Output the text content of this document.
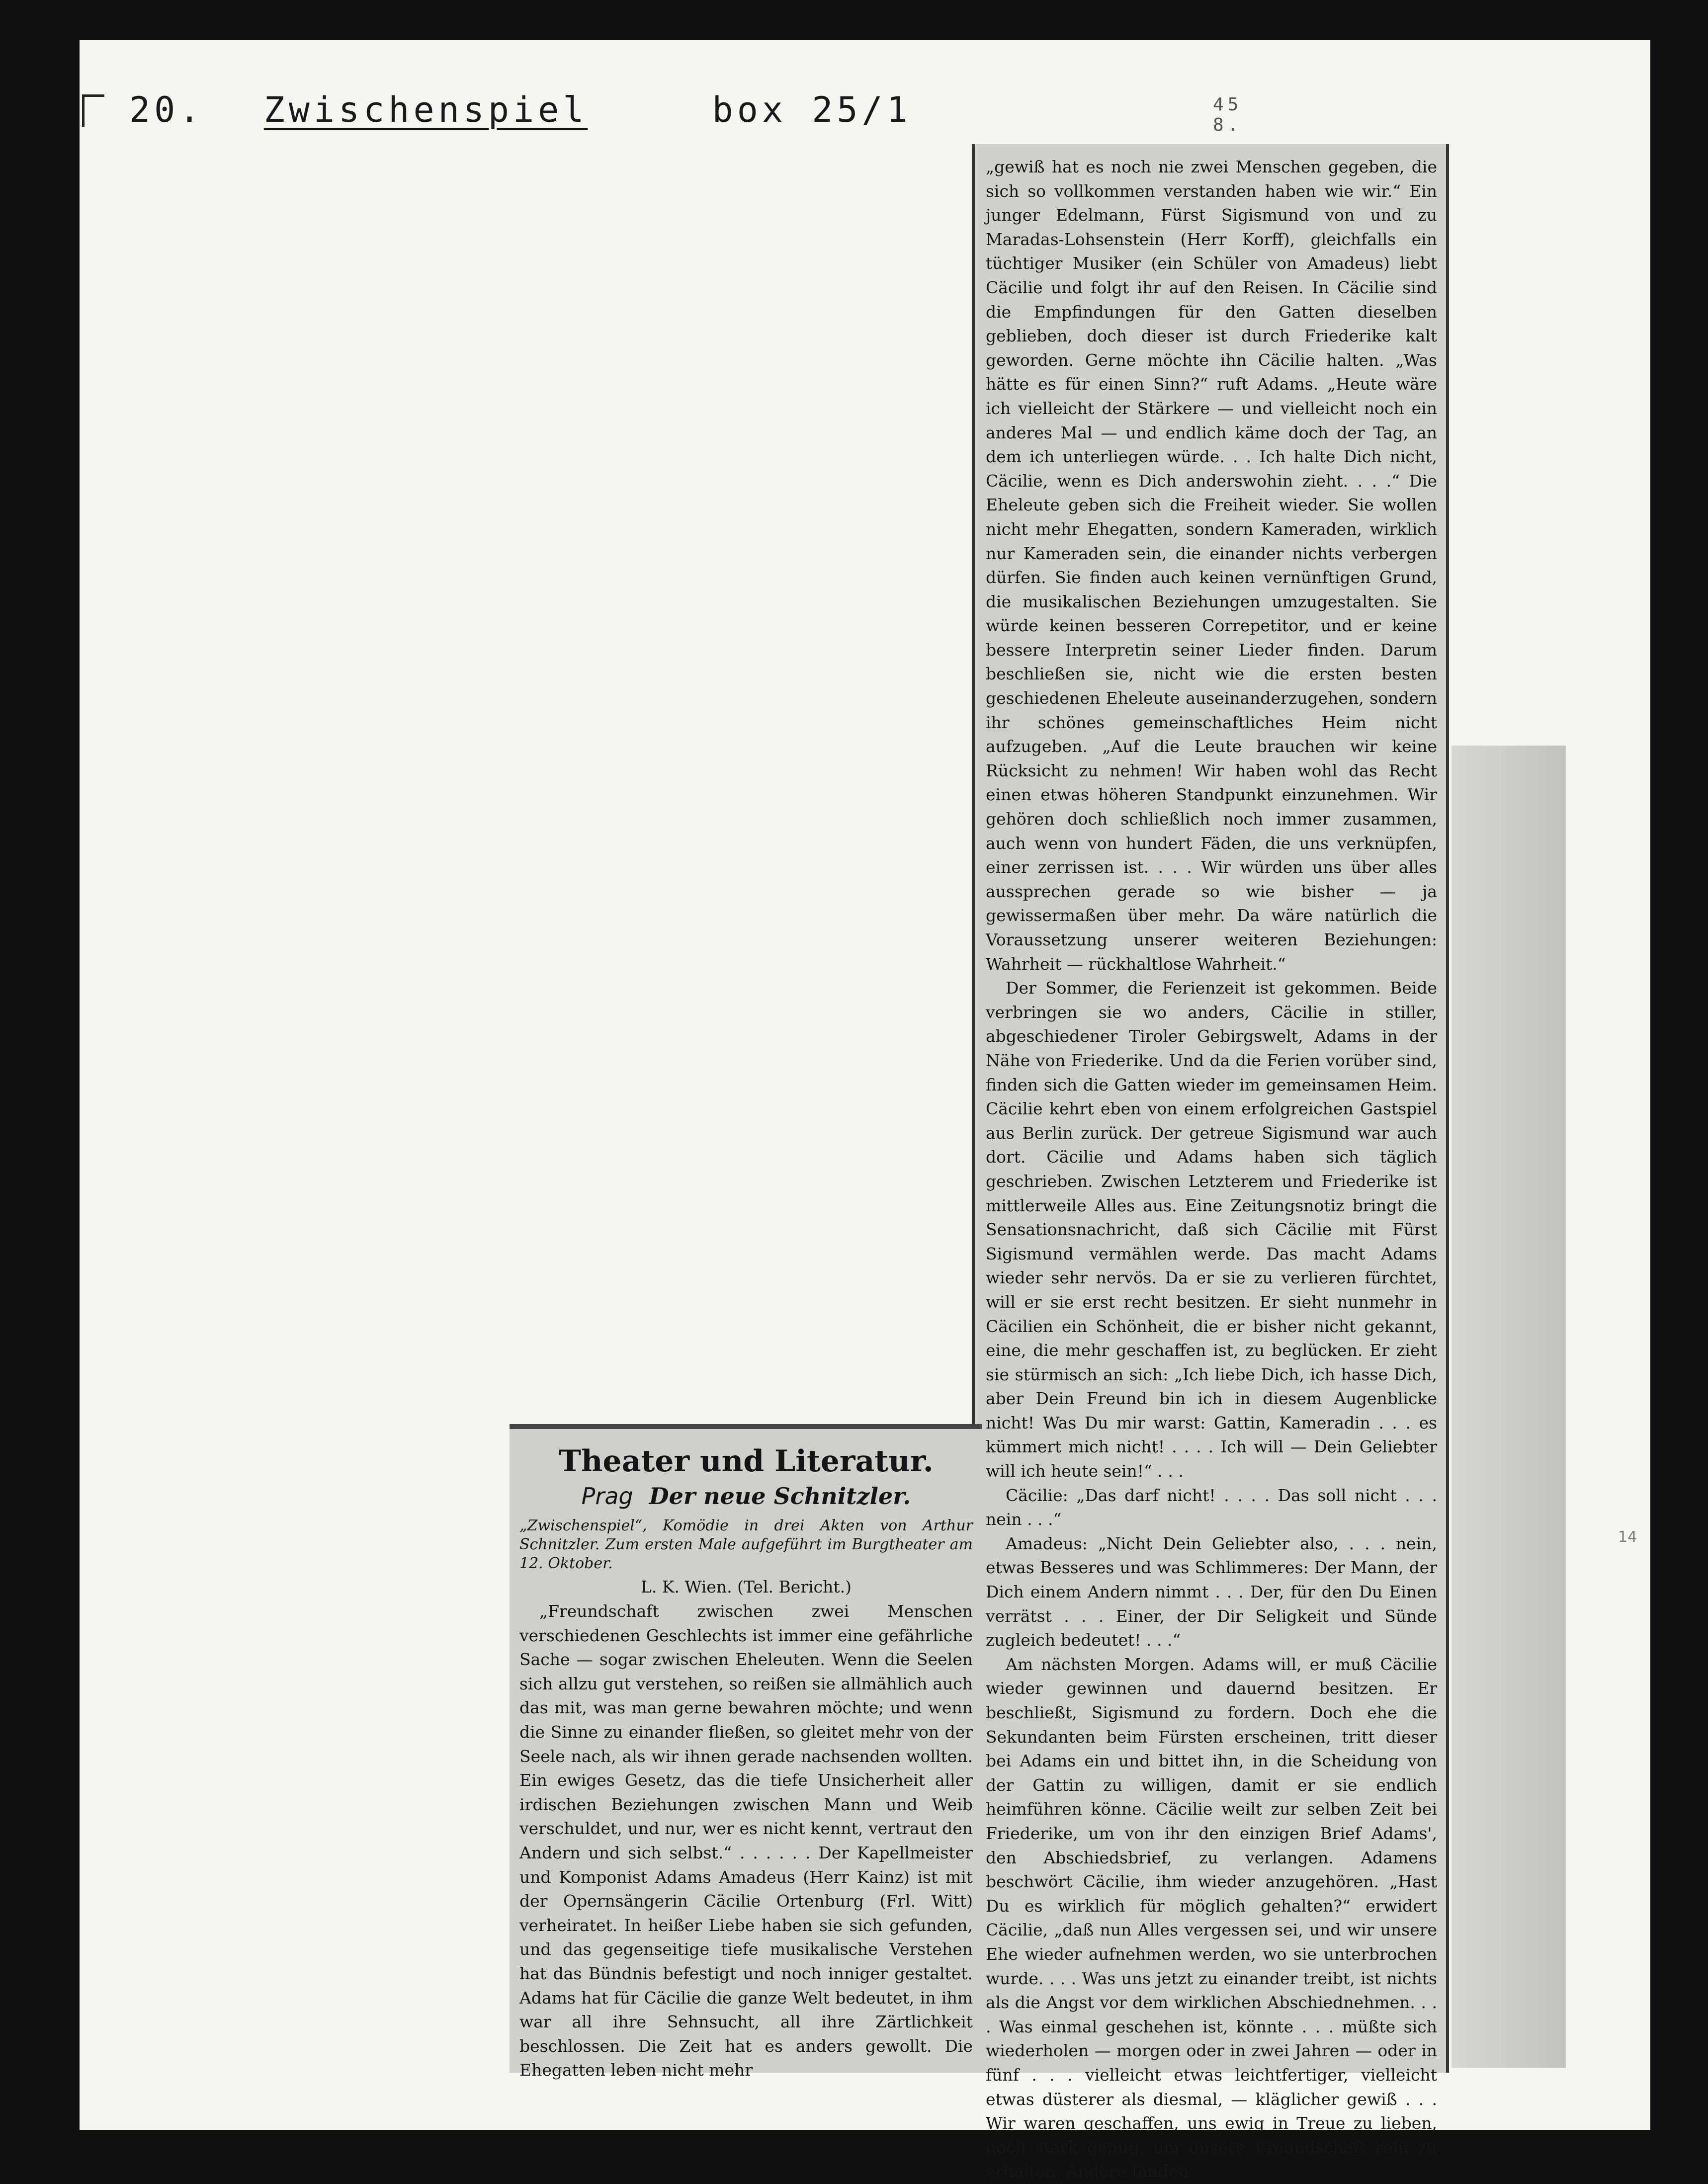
20. Zwischenspiel	box 25/1	45 8.

„gewiß hat es noch nie zwei Menschen gegeben, die sich so vollkommen verstanden haben wie wir.“ Ein junger Edelmann, Fürst Sigismund von und zu Maradas-Lohsenstein (Herr Korff), gleichfalls ein tüchtiger Musiker (ein Schüler von Amadeus) liebt Cäcilie und folgt ihr auf den Reisen. In Cäcilie sind die Empfindungen für den Gatten dieselben geblieben, doch dieser ist durch Friederike kalt geworden. Gerne möchte ihn Cäcilie halten. „Was hätte es für einen Sinn?“ ruft Adams. „Heute wäre ich vielleicht der Stärkere — und vielleicht noch ein anderes Mal — und endlich käme doch der Tag, an dem ich unterliegen würde. . . Ich halte Dich nicht, Cäcilie, wenn es Dich anderswohin zieht. . . .“ Die Eheleute geben sich die Freiheit wieder. Sie wollen nicht mehr Ehegatten, sondern Kameraden, wirklich nur Kameraden sein, die einander nichts verbergen dürfen. Sie finden auch keinen vernünftigen Grund, die musikalischen Beziehungen umzugestalten. Sie würde keinen besseren Correpetitor, und er keine bessere Interpretin seiner Lieder finden. Darum beschließen sie, nicht wie die ersten besten geschiedenen Eheleute auseinanderzugehen, sondern ihr schönes gemeinschaftliches Heim nicht aufzugeben. „Auf die Leute brauchen wir keine Rücksicht zu nehmen! Wir haben wohl das Recht einen etwas höheren Standpunkt einzunehmen. Wir gehören doch schließlich noch immer zusammen, auch wenn von hundert Fäden, die uns verknüpfen, einer zerrissen ist. . . . Wir würden uns über alles aussprechen gerade so wie bisher — ja gewissermaßen über mehr. Da wäre natürlich die Voraussetzung unserer weiteren Beziehungen: Wahrheit — rückhaltlose Wahrheit.“

Der Sommer, die Ferienzeit ist gekommen. Beide verbringen sie wo anders, Cäcilie in stiller, abgeschiedener Tiroler Gebirgswelt, Adams in der Nähe von Friederike. Und da die Ferien vorüber sind, finden sich die Gatten wieder im gemeinsamen Heim. Cäcilie kehrt eben von einem erfolgreichen Gastspiel aus Berlin zurück. Der getreue Sigismund war auch dort. Cäcilie und Adams haben sich täglich geschrieben. Zwischen Letzterem und Friederike ist mittlerweile Alles aus. Eine Zeitungsnotiz bringt die Sensationsnachricht, daß sich Cäcilie mit Fürst Sigismund vermählen werde. Das macht Adams wieder sehr nervös. Da er sie zu verlieren fürchtet, will er sie erst recht besitzen. Er sieht nunmehr in Cäcilien ein Schönheit, die er bisher nicht gekannt, eine, die mehr geschaffen ist, zu beglücken. Er zieht sie stürmisch an sich: „Ich liebe Dich, ich hasse Dich, aber Dein Freund bin ich in diesem Augenblicke nicht! Was Du mir warst: Gattin, Kameradin . . . es kümmert mich nicht! . . . . Ich will — Dein Geliebter will ich heute sein!“ . . .

Cäcilie: „Das darf nicht! . . . . Das soll nicht . . . nein . . .“

Amadeus: „Nicht Dein Geliebter also, . . . nein, etwas Besseres und was Schlimmeres: Der Mann, der Dich einem Andern nimmt . . . Der, für den Du Einen verrätst . . . Einer, der Dir Seligkeit und Sünde zugleich bedeutet! . . .“

Am nächsten Morgen. Adams will, er muß Cäcilie wieder gewinnen und dauernd besitzen. Er beschließt, Sigismund zu fordern. Doch ehe die Sekundanten beim Fürsten erscheinen, tritt dieser bei Adams ein und bittet ihn, in die Scheidung von der Gattin zu willigen, damit er sie endlich heimführen könne. Cäcilie weilt zur selben Zeit bei Friederike, um von ihr den einzigen Brief Adams', den Abschiedsbrief, zu verlangen. Adamens beschwört Cäcilie, ihm wieder anzugehören. „Hast Du es wirklich für möglich gehalten?“ erwidert Cäcilie, „daß nun Alles vergessen sei, und wir unsere Ehe wieder aufnehmen werden, wo sie unterbrochen wurde. . . . Was uns jetzt zu einander treibt, ist nichts als die Angst vor dem wirklichen Abschiednehmen. . . . Was einmal geschehen ist, könnte . . . müßte sich wiederholen — morgen oder in zwei Jahren — oder in fünf . . . vielleicht etwas leichtfertiger, vielleicht etwas düsterer als diesmal, — kläglicher gewiß . . . Wir waren geschaffen, uns ewig in Treue zu lieben, noch stark genug, um unsere Freundschaft rein zu erhalten. Andere fänden

Theater und Literatur.
Prag Der neue Schnitzler.

„Zwischenspiel“, Komödie in drei Akten von Arthur Schnitzler. Zum ersten Male aufgeführt im Burgtheater am 12. Oktober.

L. K. Wien. (Tel. Bericht.)

„Freundschaft zwischen zwei Menschen verschiedenen Geschlechts ist immer eine gefährliche Sache — sogar zwischen Eheleuten. Wenn die Seelen sich allzu gut verstehen, so reißen sie allmählich auch das mit, was man gerne bewahren möchte; und wenn die Sinne zu einander fließen, so gleitet mehr von der Seele nach, als wir ihnen gerade nachsenden wollten. Ein ewiges Gesetz, das die tiefe Unsicherheit aller irdischen Beziehungen zwischen Mann und Weib verschuldet, und nur, wer es nicht kennt, vertraut den Andern und sich selbst.“ . . . . . . Der Kapellmeister und Komponist Adams Amadeus (Herr Kainz) ist mit der Opernsängerin Cäcilie Ortenburg (Frl. Witt) verheiratet. In heißer Liebe haben sie sich gefunden, und das gegenseitige tiefe musikalische Verstehen hat das Bündnis befestigt und noch inniger gestaltet. Adams hat für Cäcilie die ganze Welt bedeutet, in ihm war all ihre Sehnsucht, all ihre Zärtlichkeit beschlossen. Die Zeit hat es anders gewollt. Die Ehegatten leben nicht mehr

14
